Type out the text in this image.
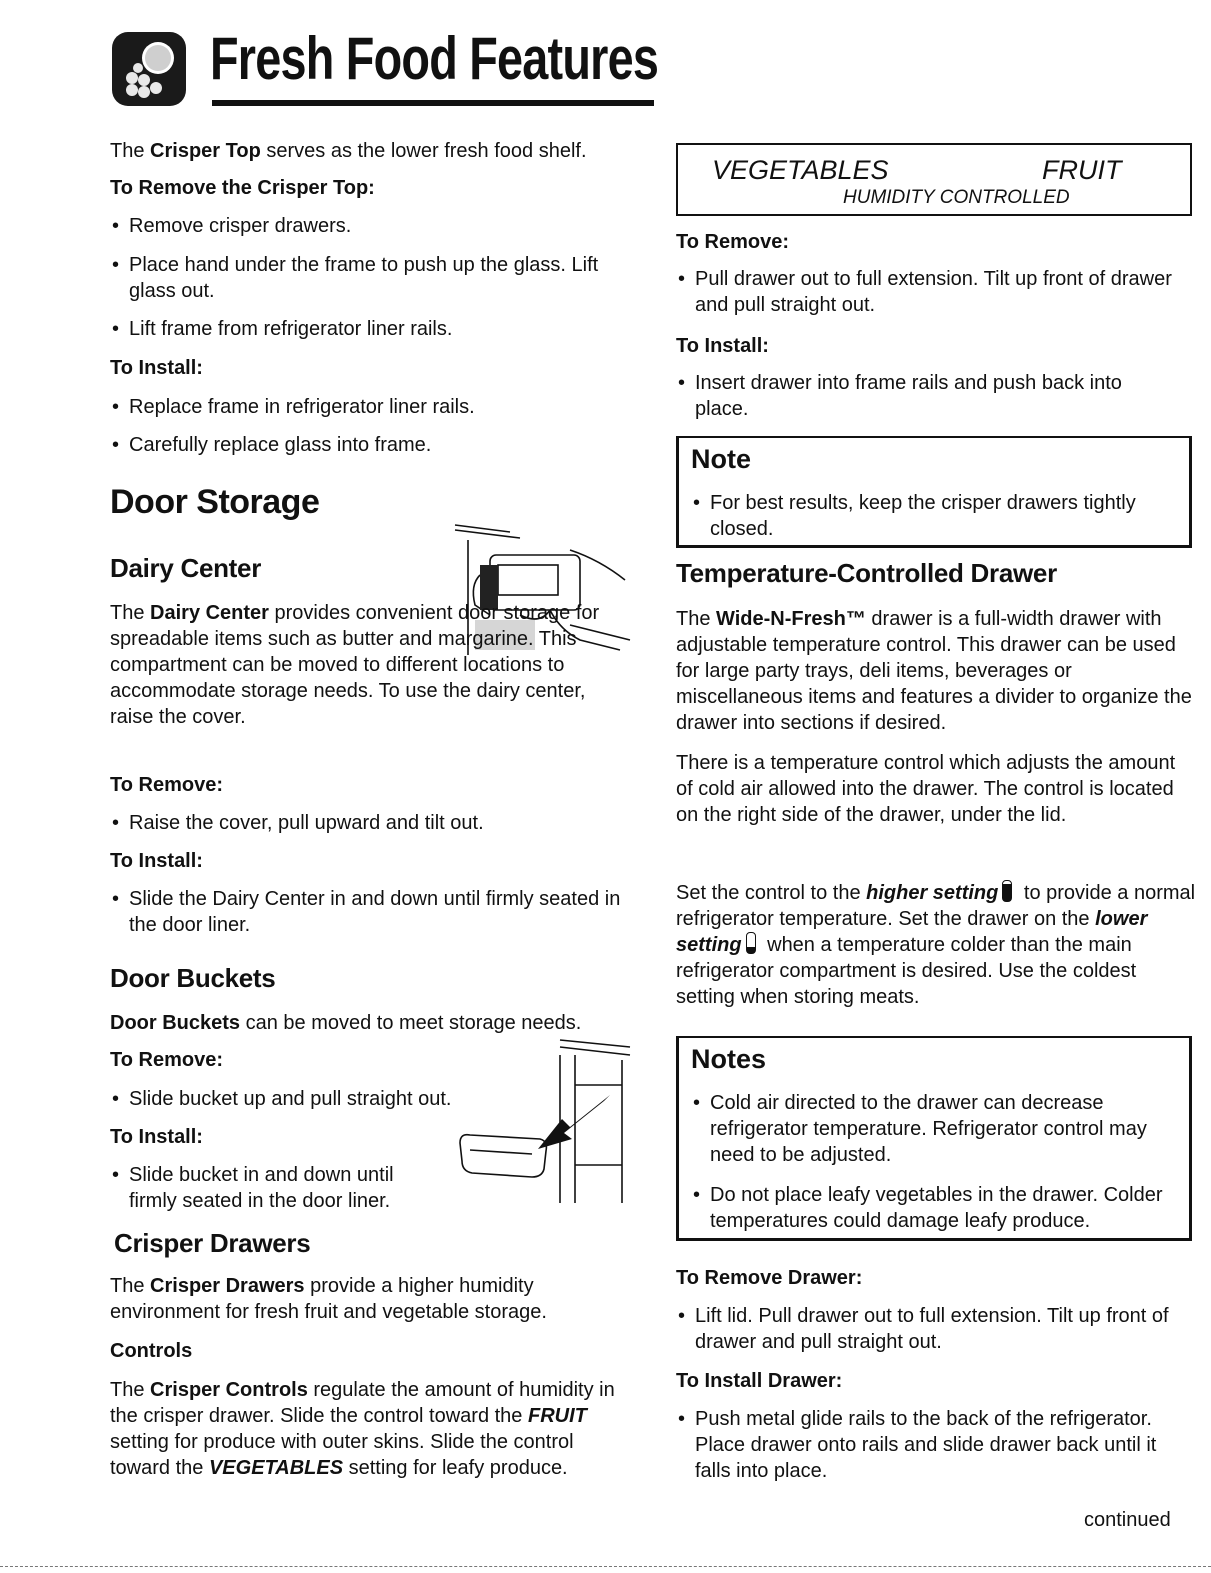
Fresh Food Features

The Crisper Top serves as the lower fresh food shelf.

To Remove the Crisper Top:

• Remove crisper drawers.
• Place hand under the frame to push up the glass. Lift glass out.
• Lift frame from refrigerator liner rails.

To Install:

• Replace frame in refrigerator liner rails.
• Carefully replace glass into frame.
Door Storage
Dairy Center

The Dairy Center provides convenient door storage for spreadable items such as butter and margarine. This compartment can be moved to different locations to accommodate storage needs. To use the dairy center, raise the cover.

To Remove:

• Raise the cover, pull upward and tilt out.

To Install:

• Slide the Dairy Center in and down until firmly seated in the door liner.
Door Buckets

Door Buckets can be moved to meet storage needs.

To Remove:

• Slide bucket up and pull straight out.

To Install:

• Slide bucket in and down until firmly seated in the door liner.
Crisper Drawers

The Crisper Drawers provide a higher humidity environment for fresh fruit and vegetable storage.

Controls

The Crisper Controls regulate the amount of humidity in the crisper drawer. Slide the control toward the FRUIT setting for produce with outer skins. Slide the control toward the VEGETABLES setting for leafy produce.

VEGETABLES	FRUIT
HUMIDITY CONTROLLED

To Remove:

• Pull drawer out to full extension. Tilt up front of drawer and pull straight out.

To Install:

• Insert drawer into frame rails and push back into place.
Note
• For best results, keep the crisper drawers tightly closed.
Temperature-Controlled Drawer

The Wide-N-Fresh™ drawer is a full-width drawer with adjustable temperature control. This drawer can be used for large party trays, deli items, beverages or miscellaneous items and features a divider to organize the drawer into sections if desired.

There is a temperature control which adjusts the amount of cold air allowed into the drawer. The control is located on the right side of the drawer, under the lid.

Set the control to the higher setting to provide a normal refrigerator temperature. Set the drawer on the lower setting when a temperature colder than the main refrigerator compartment is desired. Use the coldest setting when storing meats.

Notes
• Cold air directed to the drawer can decrease refrigerator temperature. Refrigerator control may need to be adjusted.
• Do not place leafy vegetables in the drawer. Colder temperatures could damage leafy produce.

To Remove Drawer:

• Lift lid. Pull drawer out to full extension. Tilt up front of drawer and pull straight out.

To Install Drawer:

• Push metal glide rails to the back of the refrigerator. Place drawer onto rails and slide drawer back until it falls into place.
continued
